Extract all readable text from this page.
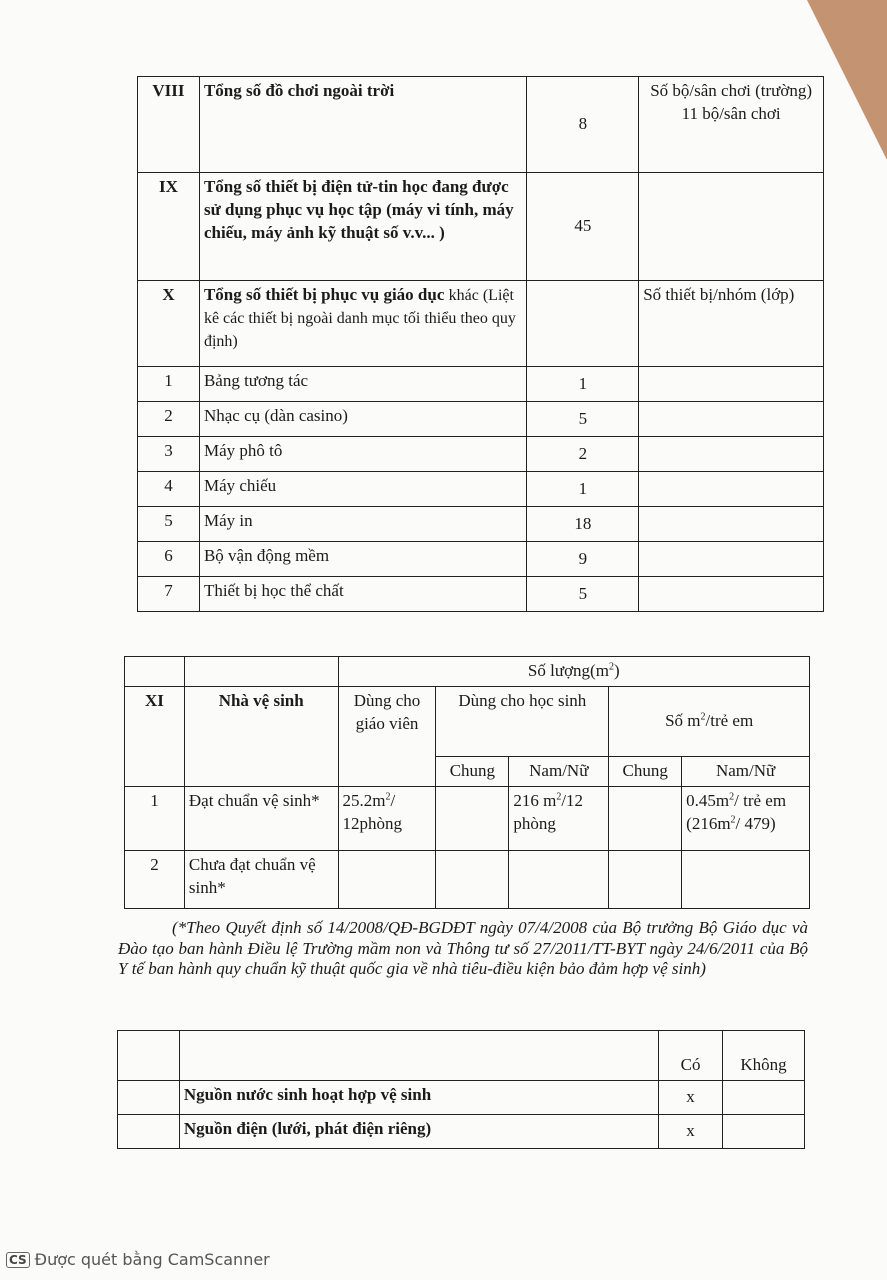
VIII	Tổng số đồ chơi ngoài trời	8	Số bộ/sân chơi (trường)
11 bộ/sân chơi

IX	Tổng số thiết bị điện tử-tin học đang được sử dụng phục vụ học tập (máy vi tính, máy chiếu, máy ảnh kỹ thuật số v.v... )	45	
X	Tổng số thiết bị phục vụ giáo dục khác (Liệt kê các thiết bị ngoài danh mục tối thiểu theo quy định)		Số thiết bị/nhóm (lớp)
1	Bảng tương tác	1	
2	Nhạc cụ (dàn casino)	5	
3	Máy phô tô	2	
4	Máy chiếu	1	
5	Máy in	18	
6	Bộ vận động mềm	9	
7	Thiết bị học thể chất	5	
		Số $lượng(m^2)$				
XI	Nhà vệ sinh	Dùng cho giáo viên	Dùng cho học sinh		Số $m^2$/trẻ em	
			Chung	Nam/Nữ	Chung	Nam/Nữ
1	Đạt chuẩn vệ sinh*	$25.2m^2/$ 12phòng		216 $m^2/12$ phòng		$0.45m^2/$ trẻ em ($216m^2/$ 479)
2	Chưa đạt chuẩn vệ sinh*					
(*Theo Quyết định số 14/2008/QĐ-BGDĐT ngày 07/4/2008 của Bộ trưởng Bộ Giáo dục và Đào tạo ban hành Điều lệ Trường mầm non và Thông tư số 27/2011/TT-BYT ngày 24/6/2011 của Bộ Y tế ban hành quy chuẩn kỹ thuật quốc gia về nhà tiêu-điều kiện bảo đảm hợp vệ sinh)
		Có	Không
	Nguồn nước sinh hoạt hợp vệ sinh	x	
	Nguồn điện (lưới, phát điện riêng)	x	
CS Được quét bằng CamScanner
